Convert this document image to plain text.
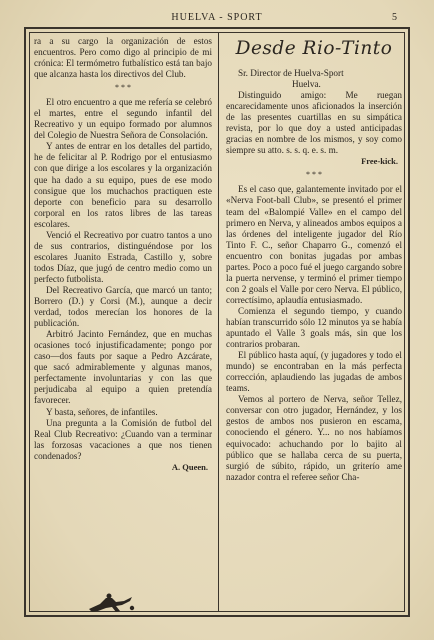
HUELVA - SPORT	5

ra a su cargo la organización de estos encuentros. Pero como digo al principio de mi crónica: El termómetro futbalístico está tan bajo que alcanza hasta los directivos del Club.

* * *

El otro encuentro a que me refería se celebró el martes, entre el segundo infantil del Recreativo y un equipo formado por alumnos del Colegio de Nuestra Señora de Consolación.

Y antes de entrar en los detalles del partido, he de felicitar al P. Rodrigo por el entusiasmo con que dirige a los escolares y la organización que ha dado a su equipo, pues de ese modo consigue que los muchachos practiquen este deporte con beneficio para su desarrollo corporal en los ratos libres de las tareas escolares.

Venció el Recreativo por cuatro tantos a uno de sus contrarios, distinguéndose por los escolares Juanito Estrada, Castillo y, sobre todos Díaz, que jugó de centro medio como un perfecto futbolista.

Del Recreativo García, que marcó un tanto; Borrero (D.) y Corsi (M.), aunque a decir verdad, todos merecían los honores de la publicación.

Arbitró Jacinto Fernández, que en muchas ocasiones tocó injustificadamente; pongo por caso—dos fauts por saque a Pedro Azcárate, que sacó admirablemente y algunas manos, perfectamente involuntarias y con las que perjudicaba al equipo a quien pretendía favorecer.

Y basta, señores, de infantiles.

Una pregunta a la Comisión de futbol del Real Club Recreativo: ¿Cuando van a terminar las forzosas vacaciones a que nos tienen condenados?

A. Queen.
Desde Rio-Tinto

Sr. Director de Huelva-Sport

Huelva.

Distinguido amigo: Me ruegan encarecidamente unos aficionados la inserción de las presentes cuartillas en su simpática revista, por lo que doy a usted anticipadas gracias en nombre de los mismos, y soy como siempre su atto. s. s. q. e. s. m.

Free-kick.
* * *

Es el caso que, galantemente invitado por el «Nerva Foot-ball Club», se presentó el primer team del «Balompié Valle» en el campo del primero en Nerva, y alineados ambos equipos a las órdenes del inteligente jugador del Río Tinto F. C., señor Chaparro G., comenzó el encuentro con bonitas jugadas por ambas partes. Poco a poco fué el juego cargando sobre la puerta nervense, y terminó el primer tiempo con 2 goals el Valle por cero Nerva. El público, correctísimo, aplaudía entusiasmado.

Comienza el segundo tiempo, y cuando habían transcurrido sólo 12 minutos ya se había apuntado el Valle 3 goals más, sin que los contrarios probaran.

El público hasta aquí, (y jugadores y todo el mundo) se encontraban en la más perfecta corrección, aplaudiendo las jugadas de ambos teams.

Vemos al portero de Nerva, señor Tellez, conversar con otro jugador, Hernández, y los gestos de ambos nos pusieron en escama, conociendo el género. Y... no nos habíamos equivocado: achuchando por lo bajito al público que se hallaba cerca de su puerta, surgió de súbito, rápido, un griterío ame nazador contra el referee señor Cha-
